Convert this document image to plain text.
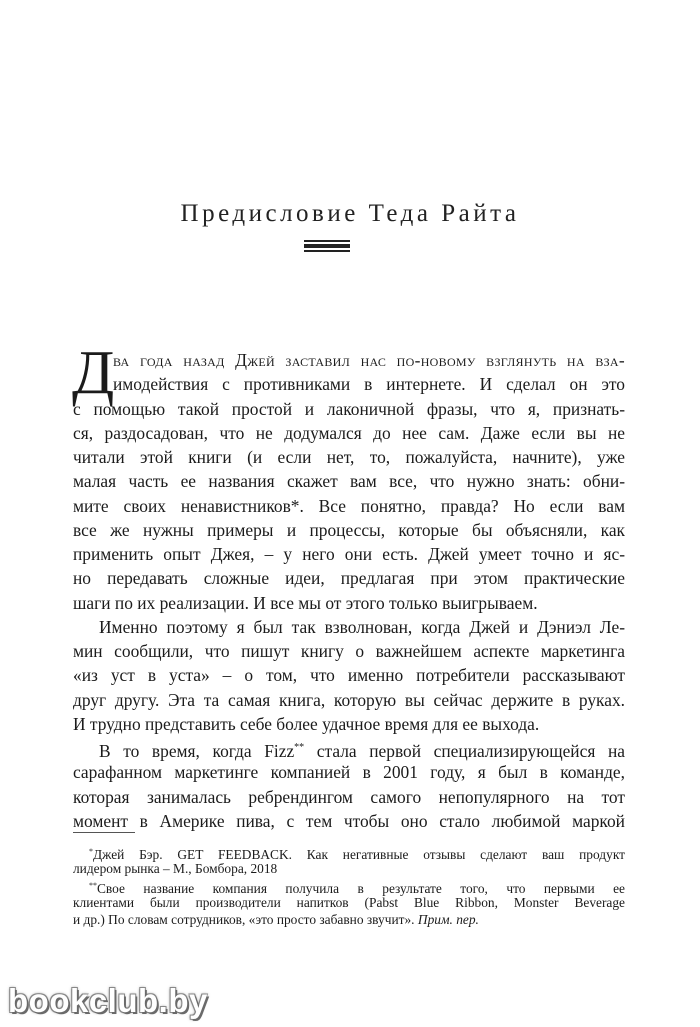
Предисловие Теда Райта
Д
ва года назад Джей заставил нас по-новому взглянуть на вза-
имодействия с противниками в интернете. И сделал он это
с помощью такой простой и лаконичной фразы, что я, признать-
ся, раздосадован, что не додумался до нее сам. Даже если вы не
читали этой книги (и если нет, то, пожалуйста, начните), уже
малая часть ее названия скажет вам все, что нужно знать: обни-
мите своих ненавистников*. Все понятно, правда? Но если вам
все же нужны примеры и процессы, которые бы объясняли, как
применить опыт Джея, – у него они есть. Джей умеет точно и яс-
но передавать сложные идеи, предлагая при этом практические
шаги по их реализации. И все мы от этого только выигрываем.
Именно поэтому я был так взволнован, когда Джей и Дэниэл Ле-
мин сообщили, что пишут книгу о важнейшем аспекте маркетинга
«из уст в уста» – о том, что именно потребители рассказывают
друг другу. Эта та самая книга, которую вы сейчас держите в руках.
И трудно представить себе более удачное время для ее выхода.
В то время, когда Fizz** стала первой специализирующейся на
сарафанном маркетинге компанией в 2001 году, я был в команде,
которая занималась ребрендингом самого непопулярного на тот
момент в Америке пива, с тем чтобы оно стало любимой маркой
*Джей Бэр. GET FEEDBACK. Как негативные отзывы сделают ваш продукт
лидером рынка – М., Бомбора, 2018
**Свое название компания получила в результате того, что первыми ее
клиентами были производители напитков (Pabst Blue Ribbon, Monster Beverage
и др.) По словам сотрудников, «это просто забавно звучит». Прим. пер.
bookclub.by
